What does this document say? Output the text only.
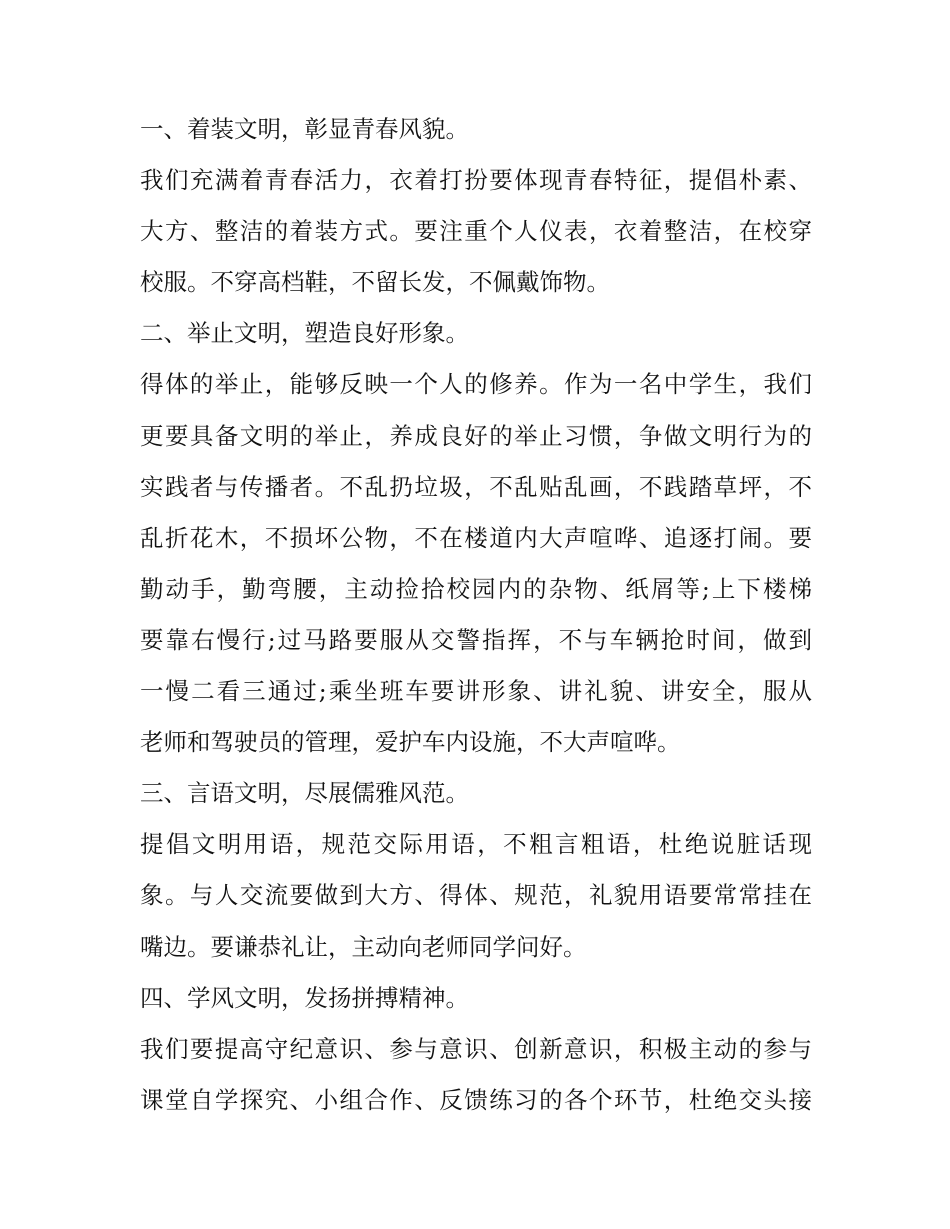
一、着装文明，彰显青春风貌。
我们充满着青春活力，衣着打扮要体现青春特征，提倡朴素、
大方、整洁的着装方式。要注重个人仪表，衣着整洁，在校穿
校服。不穿高档鞋，不留长发，不佩戴饰物。
二、举止文明，塑造良好形象。
得体的举止，能够反映一个人的修养。作为一名中学生，我们
更要具备文明的举止，养成良好的举止习惯，争做文明行为的
实践者与传播者。不乱扔垃圾，不乱贴乱画，不践踏草坪，不
乱折花木，不损坏公物，不在楼道内大声喧哗、追逐打闹。要
勤动手，勤弯腰，主动捡拾校园内的杂物、纸屑等;上下楼梯
要靠右慢行;过马路要服从交警指挥，不与车辆抢时间，做到
一慢二看三通过;乘坐班车要讲形象、讲礼貌、讲安全，服从
老师和驾驶员的管理，爱护车内设施，不大声喧哗。
三、言语文明，尽展儒雅风范。
提倡文明用语，规范交际用语，不粗言粗语，杜绝说脏话现
象。与人交流要做到大方、得体、规范，礼貌用语要常常挂在
嘴边。要谦恭礼让，主动向老师同学问好。
四、学风文明，发扬拼搏精神。
我们要提高守纪意识、参与意识、创新意识，积极主动的参与
课堂自学探究、小组合作、反馈练习的各个环节，杜绝交头接
